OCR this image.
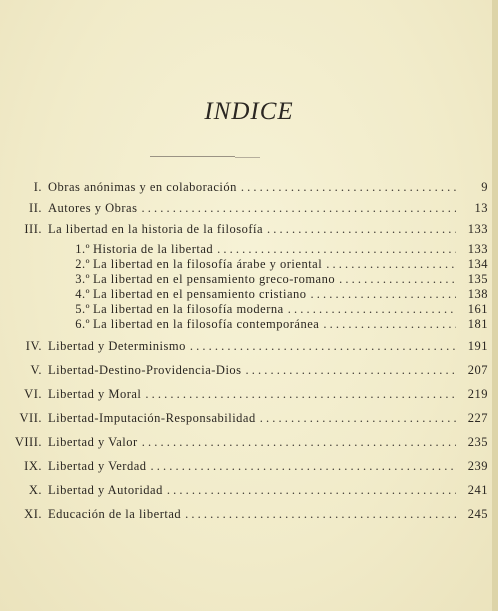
INDICE
I. Obras anónimas y en colaboración . . .	9
II. Autores y Obras . . .	13
III. La libertad en la historia de la filosofía . . .	133
1.º Historia de la libertad . . .	133
2.º La libertad en la filosofía árabe y oriental . . .	134
3.º La libertad en el pensamiento greco-romano . . .	135
4.º La libertad en el pensamiento cristiano . . .	138
5.º La libertad en la filosofía moderna . . .	161
6.º La libertad en la filosofía contemporánea . . .	181
IV. Libertad y Determinismo . . .	191
V. Libertad-Destino-Providencia-Dios . . .	207
VI. Libertad y Moral . . .	219
VII. Libertad-Imputación-Responsabilidad . . .	227
VIII. Libertad y Valor . . .	235
IX. Libertad y Verdad . . .	239
X. Libertad y Autoridad . . .	241
XI. Educación de la libertad . . .	245
